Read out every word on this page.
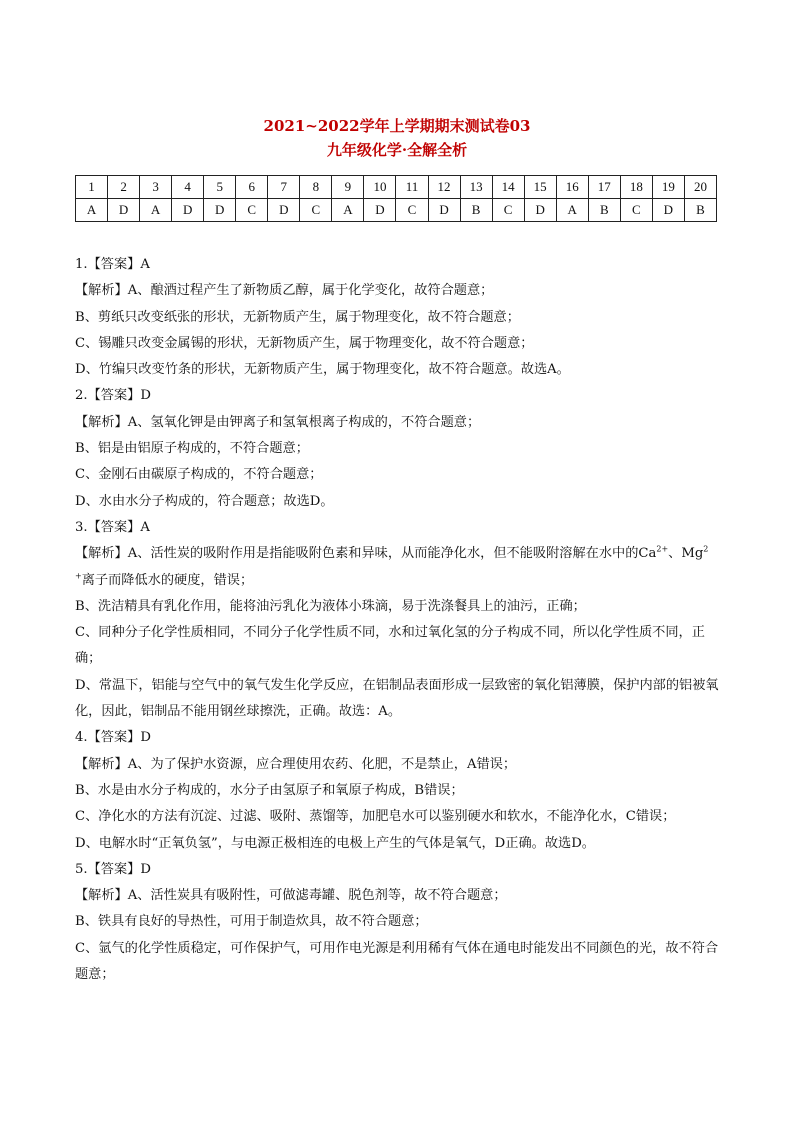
2021~2022学年上学期期末测试卷03
九年级化学·全解全析
1	2	3	4	5	6	7	8	9	10	11	12	13	14	15	16	17	18	19	20
A	D	A	D	D	C	D	C	A	D	C	D	B	C	D	A	B	C	D	B
1.【答案】A
【解析】A、酿酒过程产生了新物质乙醇，属于化学变化，故符合题意；
B、剪纸只改变纸张的形状，无新物质产生，属于物理变化，故不符合题意；
C、锡雕只改变金属锡的形状，无新物质产生，属于物理变化，故不符合题意；
D、竹编只改变竹条的形状，无新物质产生，属于物理变化，故不符合题意。故选A。
2.【答案】D
【解析】A、氢氧化钾是由钾离子和氢氧根离子构成的，不符合题意；
B、铝是由铝原子构成的，不符合题意；
C、金刚石由碳原子构成的，不符合题意；
D、水由水分子构成的，符合题意；故选D。
3.【答案】A
【解析】A、活性炭的吸附作用是指能吸附色素和异味，从而能净化水，但不能吸附溶解在水中的$Ca^{2+}$、$Mg^{2+}$离子而降低水的硬度，错误；
B、洗洁精具有乳化作用，能将油污乳化为液体小珠滴，易于洗涤餐具上的油污，正确；
C、同种分子化学性质相同，不同分子化学性质不同，水和过氧化氢的分子构成不同，所以化学性质不同，正确；
D、常温下，铝能与空气中的氧气发生化学反应，在铝制品表面形成一层致密的氧化铝薄膜，保护内部的铝被氧化，因此，铝制品不能用钢丝球擦洗，正确。故选：A。
4.【答案】D
【解析】A、为了保护水资源，应合理使用农药、化肥，不是禁止，A错误；
B、水是由水分子构成的，水分子由氢原子和氧原子构成，B错误；
C、净化水的方法有沉淀、过滤、吸附、蒸馏等，加肥皂水可以鉴别硬水和软水，不能净化水，C错误；
D、电解水时“正氧负氢”，与电源正极相连的电极上产生的气体是氧气，D正确。故选D。
5.【答案】D
【解析】A、活性炭具有吸附性，可做滤毒罐、脱色剂等，故不符合题意；
B、铁具有良好的导热性，可用于制造炊具，故不符合题意；
C、氩气的化学性质稳定，可作保护气，可用作电光源是利用稀有气体在通电时能发出不同颜色的光，故不符合题意；
